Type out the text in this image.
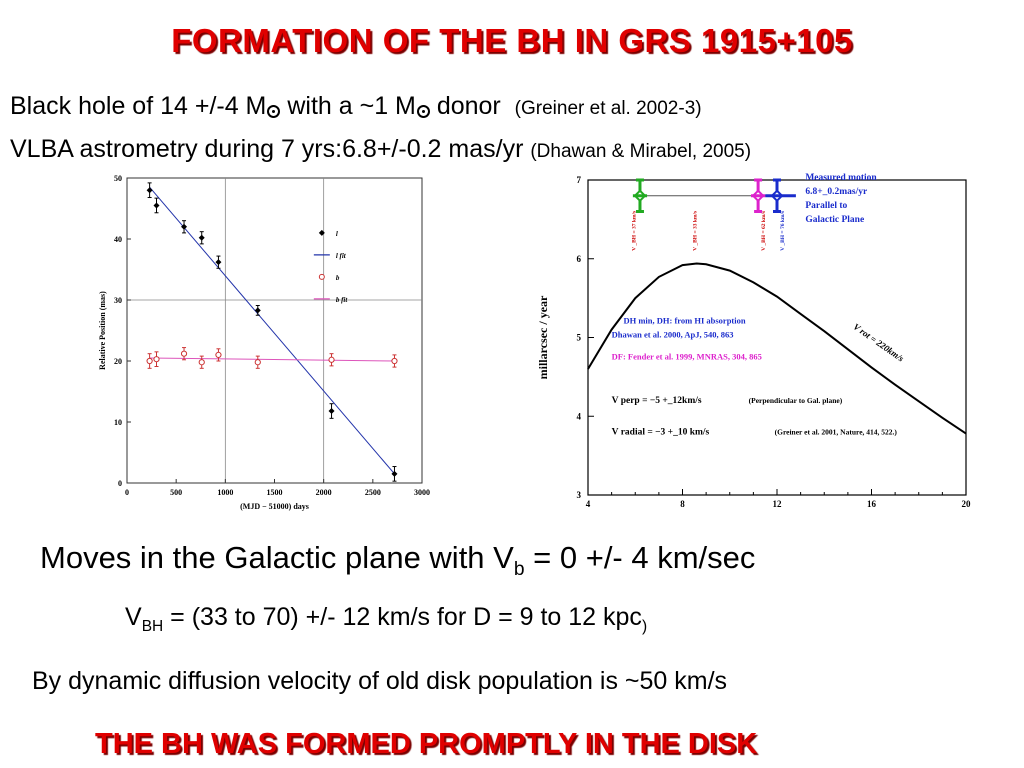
FORMATION OF THE BH IN GRS 1915+105
Black hole of 14 +/-4 M with a ~1 M donor (Greiner et al. 2002-3)
VLBA astrometry during 7 yrs:6.8+/-0.2 mas/yr (Dhawan & Mirabel, 2005)
0	500	1000	1500	2000	2500	3000
0
10
20
30
40
50
(MJD − 51000) days
Relative Position (mas)
l
l fit
b
b fit
4	8	12	16	20
3
4
5
6
7
millarcsec / year	V rot = 220km/s
V _BH = 37 km/s	V _BH = 33 km/s	V _BH = 62 km/s V _BH = 76 km/s
Measured motion
6.8+_0.2mas/yr
Parallel to
Galactic Plane
DH min, DH: from HI absorption
Dhawan et al. 2000, ApJ, 540, 863
DF: Fender et al. 1999, MNRAS, 304, 865
V perp = −5 +_12km/s	(Perpendicular to Gal. plane)
V radial = −3 +_10 km/s	(Greiner et al. 2001, Nature, 414, 522.)
Moves in the Galactic plane with $V_b = 0$ +/- 4 km/sec
$V_{BH} = (33$ to 70) +/- 12 km/s for D = 9 to 12 kpc$_)$
By dynamic diffusion velocity of old disk population is ~50 km/s
THE BH WAS FORMED PROMPTLY IN THE DISK
